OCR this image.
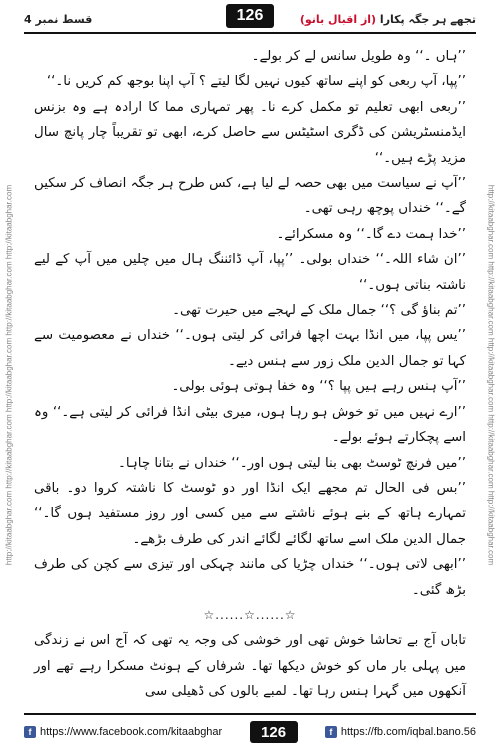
قسط نمبر 4	تجھے ہر جگہ پکارا (از اقبال بانو)
126
http://kitaabghar.com http://kitaabghar.com http://kitaabghar.com http://kitaabghar.com http://kitaabghar.com	http://kitaabghar.com http://kitaabghar.com http://kitaabghar.com http://kitaabghar.com http://kitaabghar.com

’’ہاں ۔‘‘ وہ طویل سانس لے کر بولے۔

’’پپا، آپ ربعی کو اپنے ساتھ کیوں نہیں لگا لیتے ؟ آپ اپنا بوجھ کم کریں نا۔‘‘

’’ربعی ابھی تعلیم تو مکمل کرے نا۔ پھر تمہاری مما کا ارادہ ہے وہ بزنس ایڈمنسٹریشن کی ڈگری اسٹیٹس سے حاصل کرے، ابھی تو تقریباً چار پانچ سال مزید پڑے ہیں۔‘‘

’’آپ نے سیاست میں بھی حصہ لے لیا ہے، کس طرح ہر جگہ انصاف کر سکیں گے۔‘‘ خنداں پوچھ رہی تھی۔

’’خدا ہمت دے گا۔‘‘ وہ مسکرائے۔

’’ان شاء اللہ۔‘‘ خنداں بولی۔ ’’پپا، آپ ڈائننگ ہال میں چلیں میں آپ کے لیے ناشتہ بناتی ہوں۔‘‘

’’تم بناؤ گی ؟‘‘ جمال ملک کے لہجے میں حیرت تھی۔

’’یس پپا، میں انڈا بہت اچھا فرائی کر لیتی ہوں۔‘‘ خنداں نے معصومیت سے کہا تو جمال الدین ملک زور سے ہنس دیے۔

’’آپ ہنس رہے ہیں پپا ؟‘‘ وہ خفا ہوتی ہوئی بولی۔

’’ارے نہیں میں تو خوش ہو رہا ہوں، میری بیٹی انڈا فرائی کر لیتی ہے۔‘‘ وہ اسے پچکارتے ہوئے بولے۔

’’میں فرنچ ٹوسٹ بھی بنا لیتی ہوں اور۔‘‘ خنداں نے بتانا چاہا۔

’’بس فی الحال تم مجھے ایک انڈا اور دو ٹوسٹ کا ناشتہ کروا دو۔ باقی تمہارے ہاتھ کے بنے ہوئے ناشتے سے میں کسی اور روز مستفید ہوں گا۔‘‘ جمال الدین ملک اسے ساتھ لگائے لگائے اندر کی طرف بڑھے۔

’’ابھی لاتی ہوں۔‘‘ خنداں چڑیا کی مانند چہکی اور تیزی سے کچن کی طرف بڑھ گئی۔

☆......☆......☆

تاباں آج بے تحاشا خوش تھی اور خوشی کی وجہ یہ تھی کہ آج اس نے زندگی میں پہلی بار ماں کو خوش دیکھا تھا۔ شرفاں کے ہونٹ مسکرا رہے تھے اور آنکھوں میں گہرا ہنس رہا تھا۔ لمبے بالوں کی ڈھیلی سی

f https://www.facebook.com/kitaabghar	126	f https://fb.com/iqbal.bano.56
